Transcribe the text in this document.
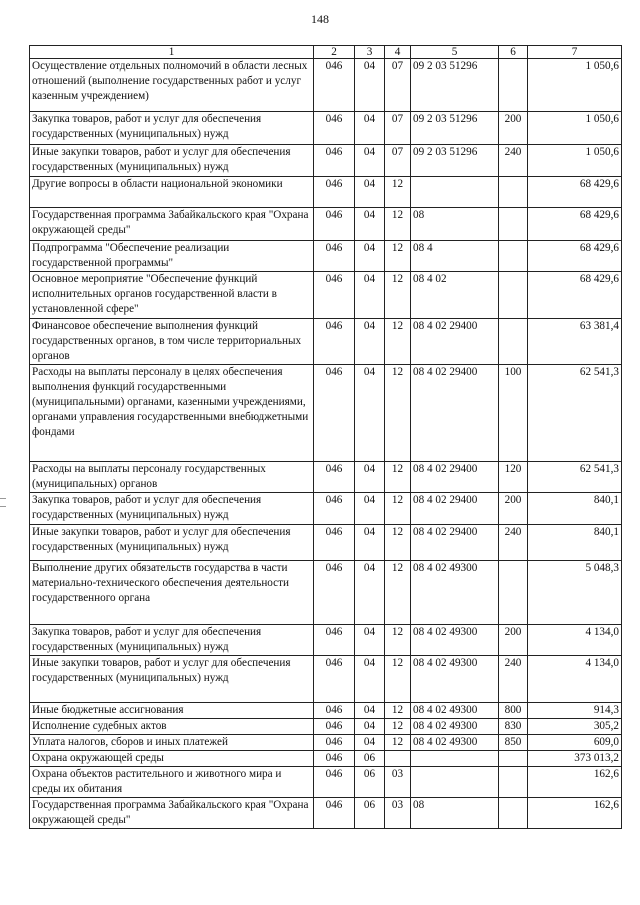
148
1	2	3	4	5	6	7
Осуществление отдельных полномочий в области лесных отношений (выполнение государственных работ и услуг казенным учреждением)	046	04	07	09 2 03 51296		1 050,6
Закупка товаров, работ и услуг для обеспечения государственных (муниципальных) нужд	046	04	07	09 2 03 51296	200	1 050,6
Иные закупки товаров, работ и услуг для обеспечения государственных (муниципальных) нужд	046	04	07	09 2 03 51296	240	1 050,6
Другие вопросы в области национальной экономики	046	04	12			68 429,6
Государственная программа Забайкальского края "Охрана окружающей среды"	046	04	12	08		68 429,6
Подпрограмма "Обеспечение реализации государственной программы"	046	04	12	08 4		68 429,6
Основное мероприятие "Обеспечение функций исполнительных органов государственной власти в установленной сфере"	046	04	12	08 4 02		68 429,6
Финансовое обеспечение выполнения функций государственных органов, в том числе территориальных органов	046	04	12	08 4 02 29400		63 381,4
Расходы на выплаты персоналу в целях обеспечения выполнения функций государственными (муниципальными) органами, казенными учреждениями, органами управления государственными внебюджетными фондами	046	04	12	08 4 02 29400	100	62 541,3
Расходы на выплаты персоналу государственных (муниципальных) органов	046	04	12	08 4 02 29400	120	62 541,3
Закупка товаров, работ и услуг для обеспечения государственных (муниципальных) нужд	046	04	12	08 4 02 29400	200	840,1
Иные закупки товаров, работ и услуг для обеспечения государственных (муниципальных) нужд	046	04	12	08 4 02 29400	240	840,1
Выполнение других обязательств государства в части материально-технического обеспечения деятельности государственного органа	046	04	12	08 4 02 49300		5 048,3
Закупка товаров, работ и услуг для обеспечения государственных (муниципальных) нужд	046	04	12	08 4 02 49300	200	4 134,0
Иные закупки товаров, работ и услуг для обеспечения государственных (муниципальных) нужд	046	04	12	08 4 02 49300	240	4 134,0
Иные бюджетные ассигнования	046	04	12	08 4 02 49300	800	914,3
Исполнение судебных актов	046	04	12	08 4 02 49300	830	305,2
Уплата налогов, сборов и иных платежей	046	04	12	08 4 02 49300	850	609,0
Охрана окружающей среды	046	06				373 013,2
Охрана объектов растительного и животного мира и среды их обитания	046	06	03			162,6
Государственная программа Забайкальского края "Охрана окружающей среды"	046	06	03	08		162,6
